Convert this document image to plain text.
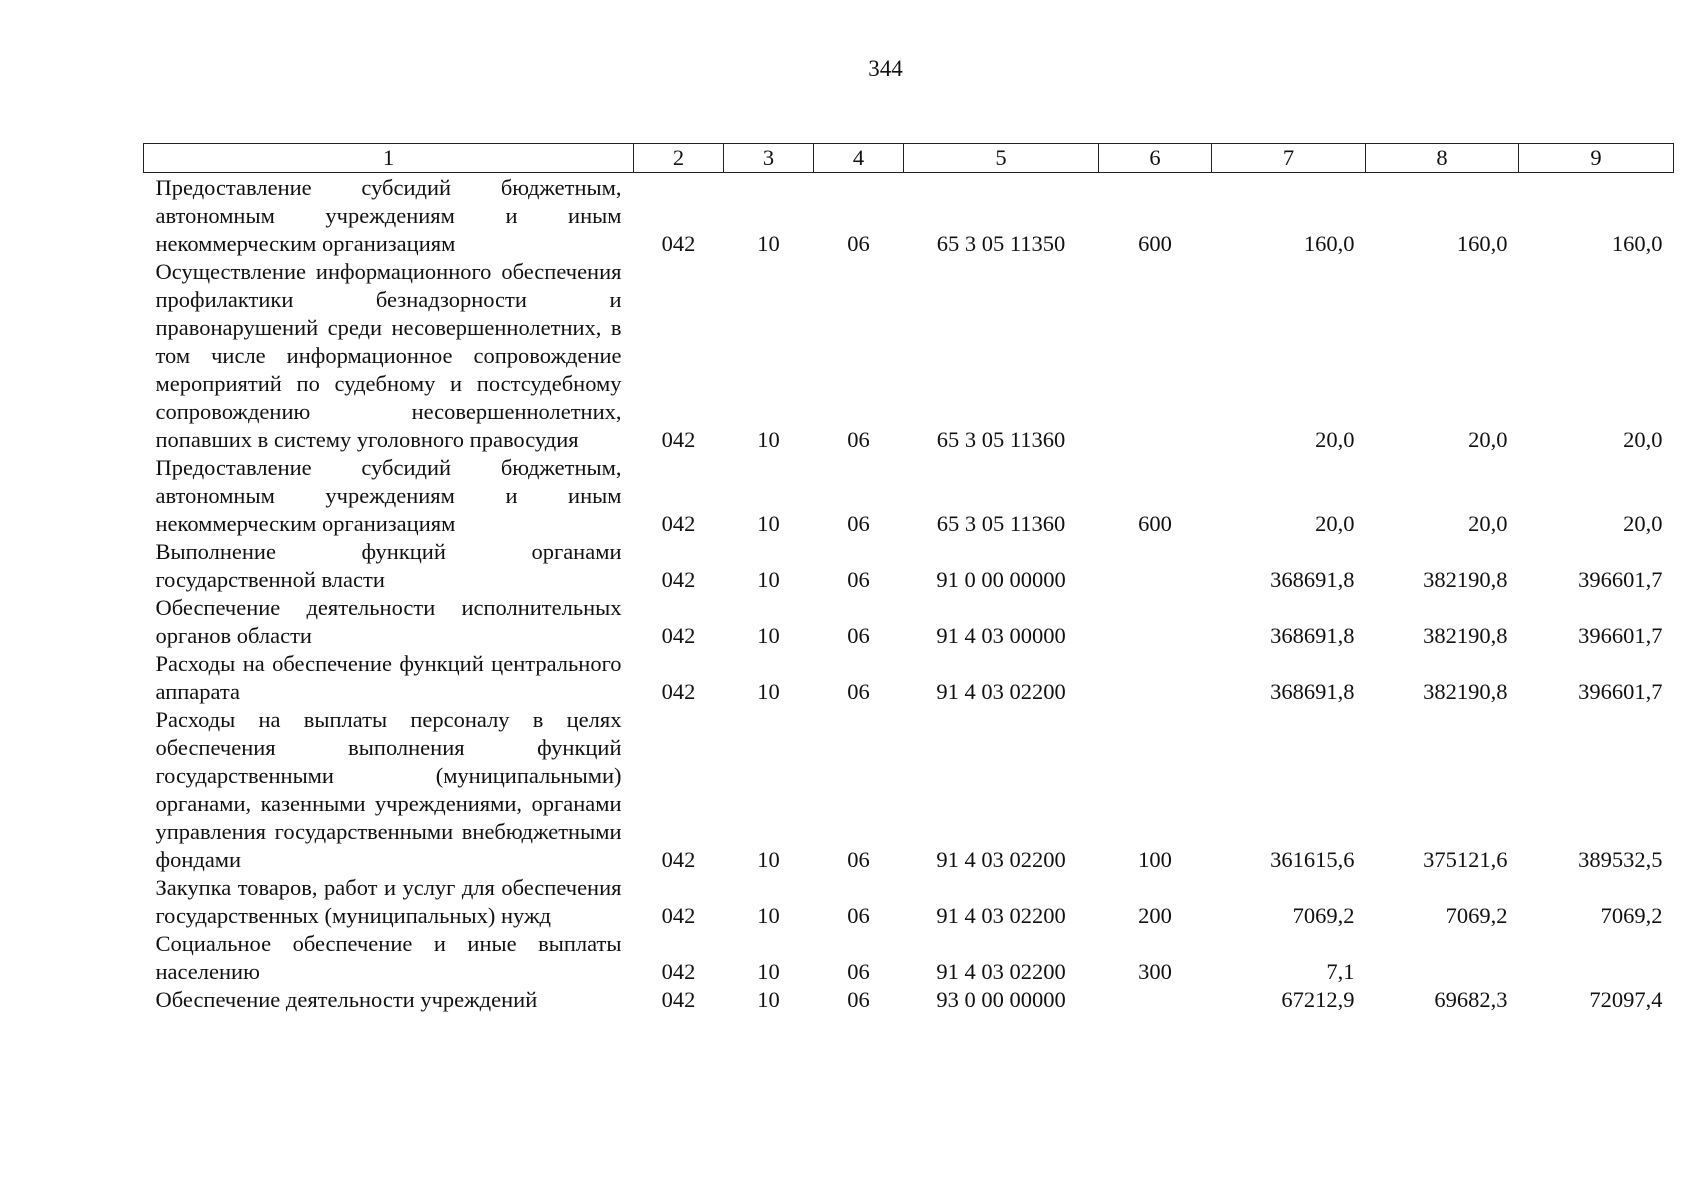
344
1	2	3	4	5	6	7	8	9
Предоставление субсидий бюджетным, автономным учреждениям и иным некоммерческим организациям	042	10	06	65 3 05 11350	600	160,0	160,0	160,0
Осуществление информационного обеспечения профилактики безнадзорности и правонарушений среди несовершеннолетних, в том числе информационное сопровождение мероприятий по судебному и постсудебному сопровождению несовершеннолетних, попавших в систему уголовного правосудия	042	10	06	65 3 05 11360		20,0	20,0	20,0
Предоставление субсидий бюджетным, автономным учреждениям и иным некоммерческим организациям	042	10	06	65 3 05 11360	600	20,0	20,0	20,0
Выполнение функций органами государственной власти	042	10	06	91 0 00 00000		368691,8	382190,8	396601,7
Обеспечение деятельности исполнительных органов области	042	10	06	91 4 03 00000		368691,8	382190,8	396601,7
Расходы на обеспечение функций центрального аппарата	042	10	06	91 4 03 02200		368691,8	382190,8	396601,7
Расходы на выплаты персоналу в целях обеспечения выполнения функций государственными (муниципальными) органами, казенными учреждениями, органами управления государственными внебюджетными фондами	042	10	06	91 4 03 02200	100	361615,6	375121,6	389532,5
Закупка товаров, работ и услуг для обеспечения государственных (муниципальных) нужд	042	10	06	91 4 03 02200	200	7069,2	7069,2	7069,2
Социальное обеспечение и иные выплаты населению	042	10	06	91 4 03 02200	300	7,1		
Обеспечение деятельности учреждений	042	10	06	93 0 00 00000		67212,9	69682,3	72097,4
